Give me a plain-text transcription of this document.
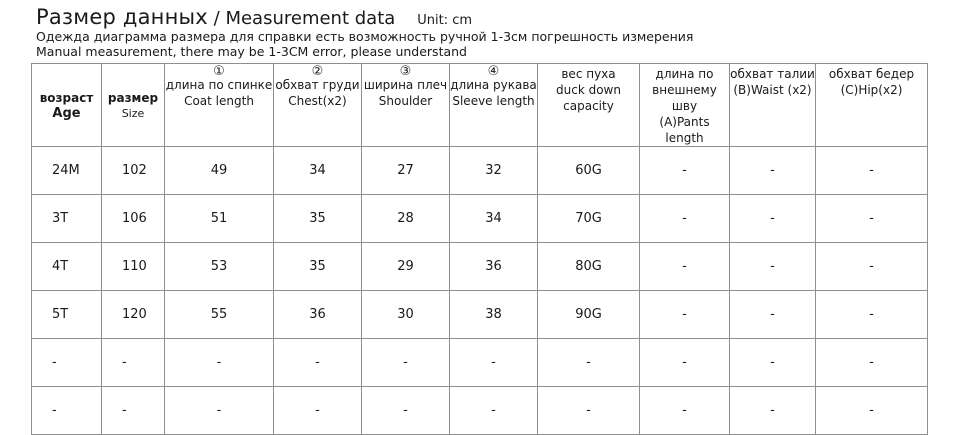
Размер данных / Measurement data Unit: cm
Одежда диаграмма размера для справки есть возможность ручной 1-3см погрешность измерения
Manual measurement, there may be 1-3CM error, please understand
возраст
Age	размер
Size	①
длина по спинке
Coat length	②
обхват груди
Chest(x2)	③
ширина плеч
Shoulder	④
длина рукава
Sleeve length	вес пуха
duck down
capacity	длина по
внешнему шву
(A)Pants length	обхват талии
(B)Waist (x2)	обхват бедер
(C)Hip(x2)

24M	102	49	34	27	32	60G	-	-	-
3T	106	51	35	28	34	70G	-	-	-
4T	110	53	35	29	36	80G	-	-	-
5T	120	55	36	30	38	90G	-	-	-
-	-	-	-	-	-	-	-	-	-
-	-	-	-	-	-	-	-	-	-
